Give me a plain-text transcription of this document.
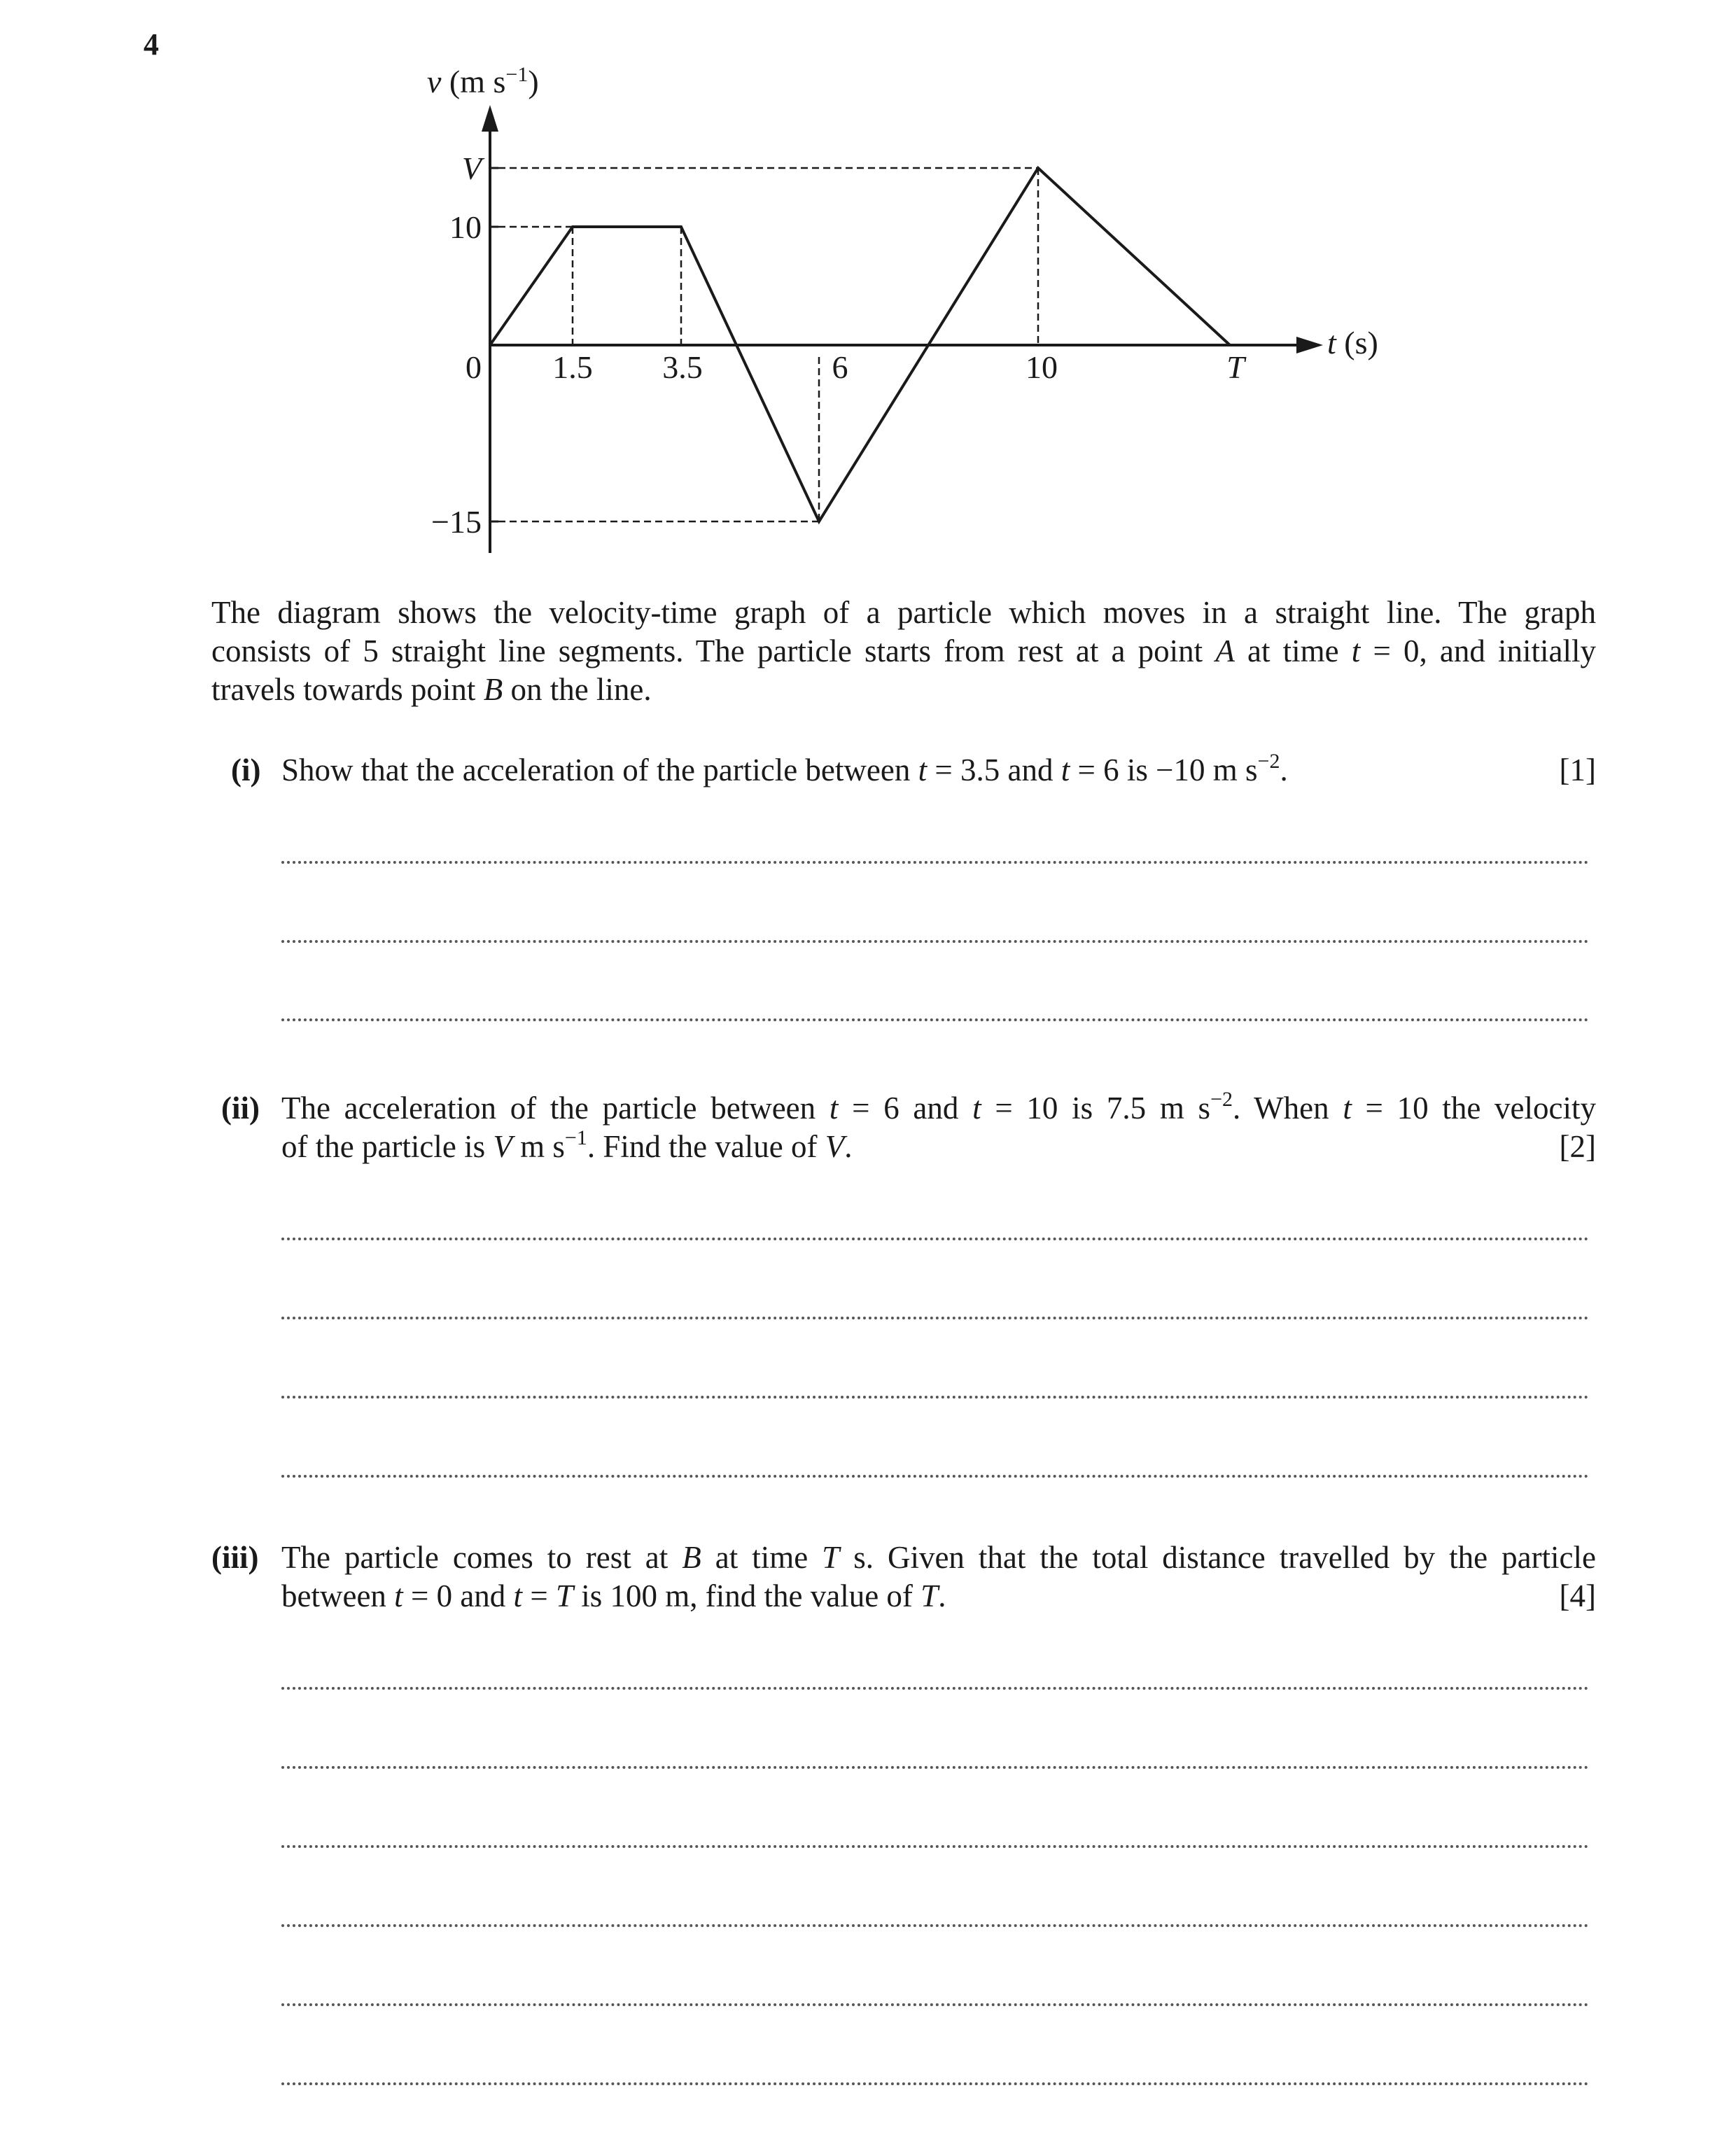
4
v (m $s^{-1}$)
t (s)
V
10
0
−15
1.5 3.5	6	10	T
The diagram shows the velocity-time graph of a particle which moves in a straight line. The graph
consists of 5 straight line segments. The particle starts from rest at a point A at time t = 0, and initially
travels towards point B on the line.
(i) Show that the acceleration of the particle between t = 3.5 and t = 6 is −10 m $s^{-2}$.	[1]
(ii) The acceleration of the particle between t = 6 and t = 10 is 7.5 m $s^{-2}$. When t = 10 the velocity
of the particle is V m $s^{-1}$. Find the value of V.	[2]
(iii) The particle comes to rest at B at time T s. Given that the total distance travelled by the particle
between t = 0 and t = T is 100 m, find the value of T.	[4]
